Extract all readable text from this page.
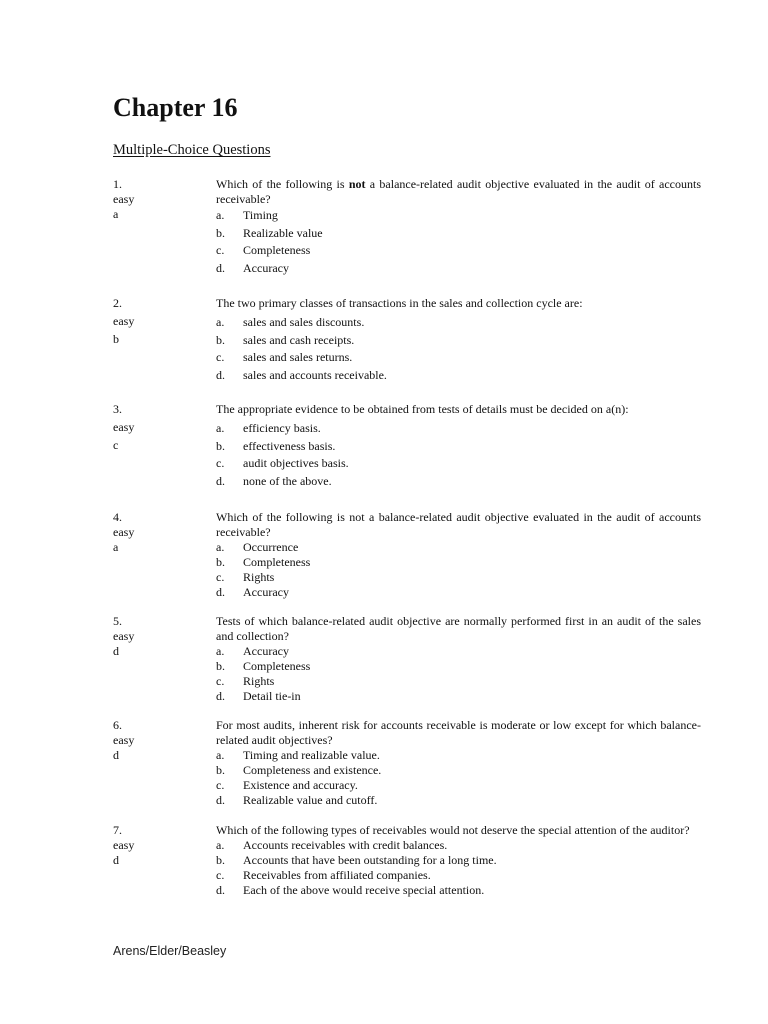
Chapter 16
Multiple-Choice Questions
1.
easy
a
Which of the following is not a balance-related audit objective evaluated in the audit of accounts receivable?
a.	Timing
b.	Realizable value
c.	Completeness
d.	Accuracy
2.
easy
b
The two primary classes of transactions in the sales and collection cycle are:
a.	sales and sales discounts.
b.	sales and cash receipts.
c.	sales and sales returns.
d.	sales and accounts receivable.
3.
easy
c
The appropriate evidence to be obtained from tests of details must be decided on a(n):
a.	efficiency basis.
b.	effectiveness basis.
c.	audit objectives basis.
d.	none of the above.
4.
easy
a
Which of the following is not a balance-related audit objective evaluated in the audit of accounts receivable?
a.	Occurrence
b.	Completeness
c.	Rights
d.	Accuracy
5.
easy
d
Tests of which balance-related audit objective are normally performed first in an audit of the sales and collection?
a.	Accuracy
b.	Completeness
c.	Rights
d.	Detail tie-in
6.
easy
d
For most audits, inherent risk for accounts receivable is moderate or low except for which balance-related audit objectives?
a.	Timing and realizable value.
b.	Completeness and existence.
c.	Existence and accuracy.
d.	Realizable value and cutoff.
7.
easy
d
Which of the following types of receivables would not deserve the special attention of the auditor?
a.	Accounts receivables with credit balances.
b.	Accounts that have been outstanding for a long time.
c.	Receivables from affiliated companies.
d.	Each of the above would receive special attention.
Arens/Elder/Beasley
